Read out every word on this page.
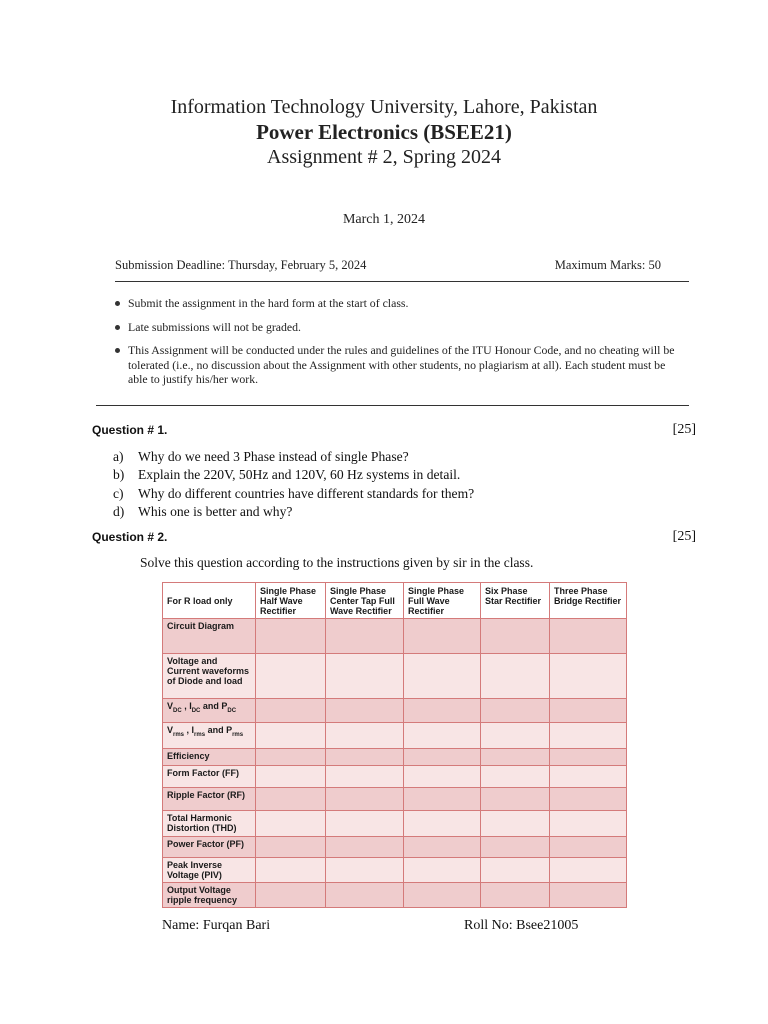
Information Technology University, Lahore, Pakistan
Power Electronics (BSEE21)
Assignment # 2, Spring 2024
March 1, 2024
Submission Deadline: Thursday, February 5, 2024	Maximum Marks: 50
Submit the assignment in the hard form at the start of class.
Late submissions will not be graded.
This Assignment will be conducted under the rules and guidelines of the ITU Honour Code, and no cheating will be tolerated (i.e., no discussion about the Assignment with other students, no plagiarism at all). Each student must be able to justify his/her work.
Question # 1.	[25]
a) Why do we need 3 Phase instead of single Phase?
b) Explain the 220V, 50Hz and 120V, 60 Hz systems in detail.
c) Why do different countries have different standards for them?
d) Whis one is better and why?
Question # 2.	[25]
Solve this question according to the instructions given by sir in the class.
For R load only	Single Phase Half Wave Rectifier	Single Phase Center Tap Full Wave Rectifier	Single Phase Full Wave Rectifier	Six Phase Star Rectifier	Three Phase Bridge Rectifier
Circuit Diagram					
Voltage and Current waveforms of Diode and load					
$V_{DC}$ , $I_{DC}$ and $P_{DC}$					
$V_{rms}$ , $I_{rms}$ and $P_{rms}$					
Efficiency					
Form Factor (FF)					
Ripple Factor (RF)					
Total Harmonic Distortion (THD)					
Power Factor (PF)					
Peak Inverse Voltage (PIV)					
Output Voltage ripple frequency					
Name: Furqan Bari	Roll No: Bsee21005
